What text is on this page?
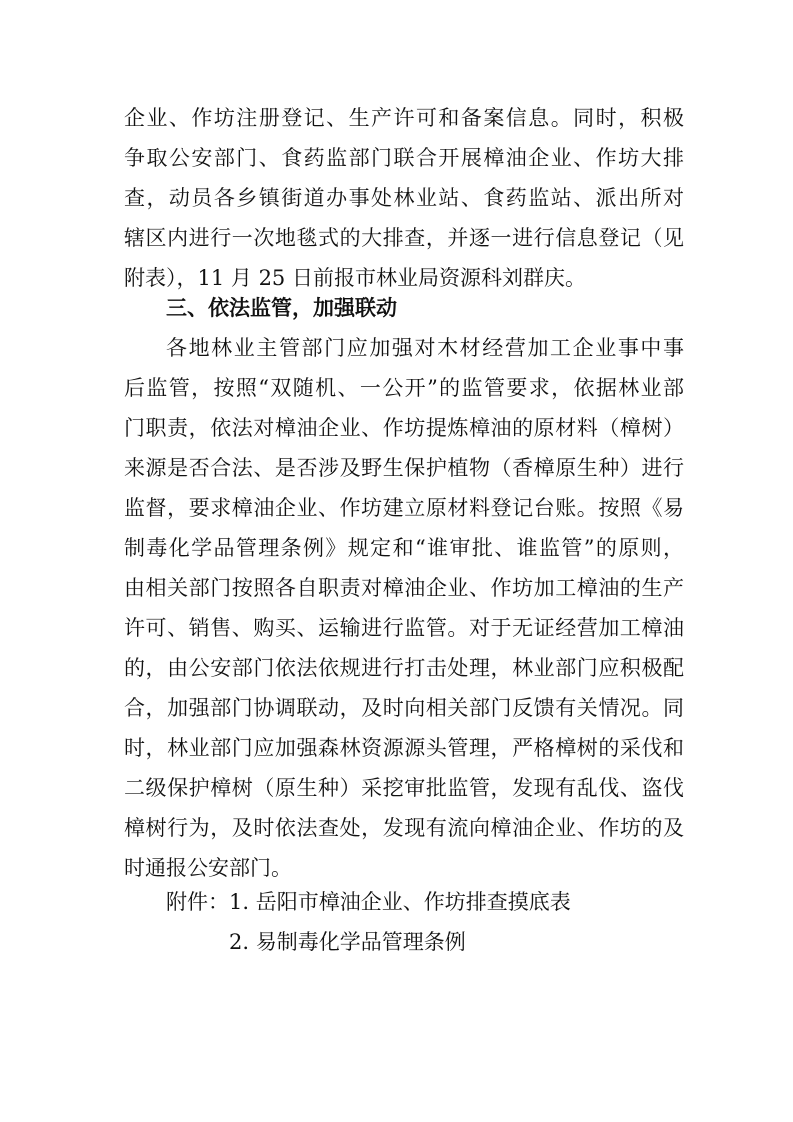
企业、作坊注册登记、生产许可和备案信息。同时，积极
争取公安部门、食药监部门联合开展樟油企业、作坊大排
查，动员各乡镇街道办事处林业站、食药监站、派出所对
辖区内进行一次地毯式的大排查，并逐一进行信息登记（见
附表），11 月 25 日前报市林业局资源科刘群庆。
三、依法监管，加强联动
各地林业主管部门应加强对木材经营加工企业事中事
后监管，按照“双随机、一公开”的监管要求，依据林业部
门职责，依法对樟油企业、作坊提炼樟油的原材料（樟树）
来源是否合法、是否涉及野生保护植物（香樟原生种）进行
监督，要求樟油企业、作坊建立原材料登记台账。按照《易
制毒化学品管理条例》规定和“谁审批、谁监管”的原则，
由相关部门按照各自职责对樟油企业、作坊加工樟油的生产
许可、销售、购买、运输进行监管。对于无证经营加工樟油
的，由公安部门依法依规进行打击处理，林业部门应积极配
合，加强部门协调联动，及时向相关部门反馈有关情况。同
时，林业部门应加强森林资源源头管理，严格樟树的采伐和
二级保护樟树（原生种）采挖审批监管，发现有乱伐、盗伐
樟树行为，及时依法查处，发现有流向樟油企业、作坊的及
时通报公安部门。
附件： 1. 岳阳市樟油企业、作坊排查摸底表
2. 易制毒化学品管理条例
